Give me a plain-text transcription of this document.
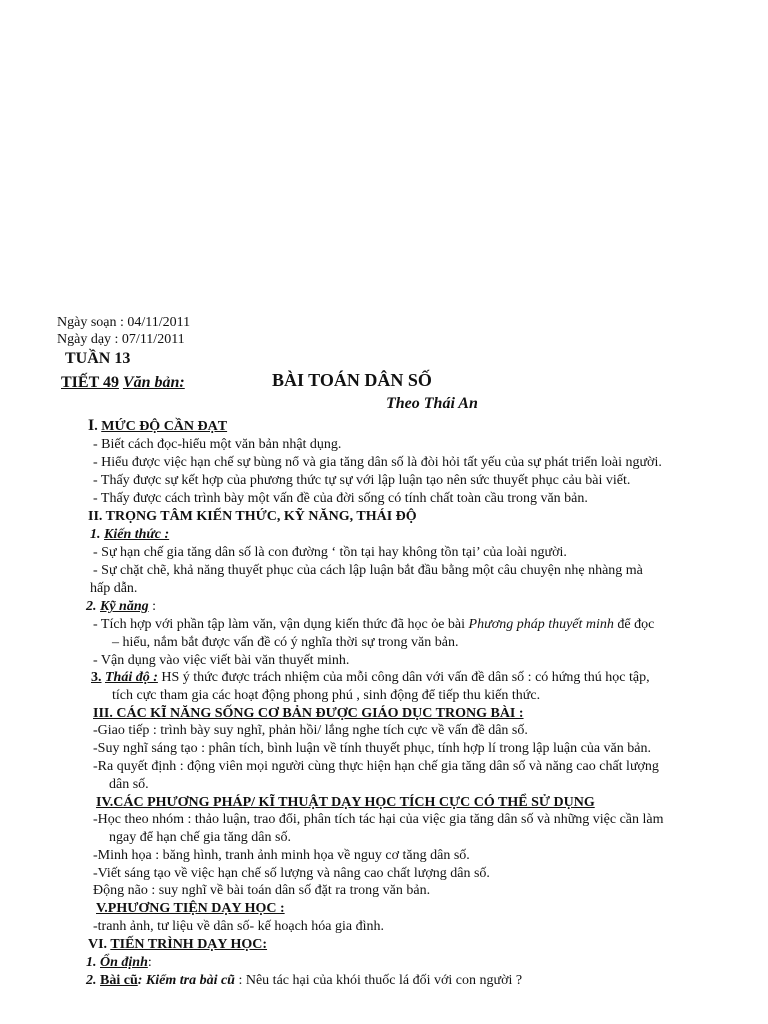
Ngày soạn : 04/11/2011
Ngày dạy : 07/11/2011
TUẦN 13
TIẾT 49 Văn bản:	BÀI TOÁN DÂN SỐ
Theo Thái An
I. MỨC ĐỘ CẦN ĐẠT
- Biết cách đọc-hiểu một văn bản nhật dụng.
- Hiểu được việc hạn chế sự bùng nổ và gia tăng dân số là đòi hỏi tất yếu của sự phát triển loài người.
- Thấy được sự kết hợp của phương thức tự sự với lập luận tạo nên sức thuyết phục cảu bài viết.
- Thấy được cách trình bày một vấn đề của đời sống có tính chất toàn cầu trong văn bản.
II. TRỌNG TÂM KIẾN THỨC, KỸ NĂNG, THÁI ĐỘ
1. Kiến thức :
- Sự hạn chế gia tăng dân số là con đường ‘ tồn tại hay không tồn tại’ của loài người.
- Sự chặt chẽ, khả năng thuyết phục của cách lập luận bắt đầu bằng một câu chuyện nhẹ nhàng mà
hấp dẫn.
2. Kỹ năng :
- Tích hợp với phần tập làm văn, vận dụng kiến thức đã học ỏe bài Phương pháp thuyết minh để đọc
– hiểu, nắm bắt được vấn đề có ý nghĩa thời sự trong văn bản.
- Vận dụng vào việc viết bài văn thuyết minh.
3. Thái độ : HS ý thức được trách nhiệm của mỗi công dân với vấn đề dân số : có hứng thú học tập,
tích cực tham gia các hoạt động phong phú , sinh động để tiếp thu kiến thức.
III. CÁC KĨ NĂNG SỐNG CƠ BẢN ĐƯỢC GIÁO DỤC TRONG BÀI :
-Giao tiếp : trình bày suy nghĩ, phản hồi/ lắng nghe tích cực về vấn đề dân số.
-Suy nghĩ sáng tạo : phân tích, bình luận về tính thuyết phục, tính hợp lí trong lập luận của văn bản.
-Ra quyết định : động viên mọi người cùng thực hiện hạn chế gia tăng dân số và năng cao chất lượng
dân số.
IV.CÁC PHƯƠNG PHÁP/ KĨ THUẬT DẠY HỌC TÍCH CỰC CÓ THỂ SỬ DỤNG
-Học theo nhóm : thảo luận, trao đổi, phân tích tác hại của việc gia tăng dân số và những việc cần làm
ngay để hạn chế gia tăng dân số.
-Minh họa : băng hình, tranh ảnh minh họa về nguy cơ tăng dân số.
-Viết sáng tạo về việc hạn chế số lượng và nâng cao chất lượng dân số.
Động não : suy nghĩ về bài toán dân số đặt ra trong văn bản.
V.PHƯƠNG TIỆN DẠY HỌC :
-tranh ảnh, tư liệu về dân số- kế hoạch hóa gia đình.
VI. TIẾN TRÌNH DẠY HỌC:
1. Ổn định:
2. Bài cũ: Kiểm tra bài cũ : Nêu tác hại của khói thuốc lá đối với con người ?
